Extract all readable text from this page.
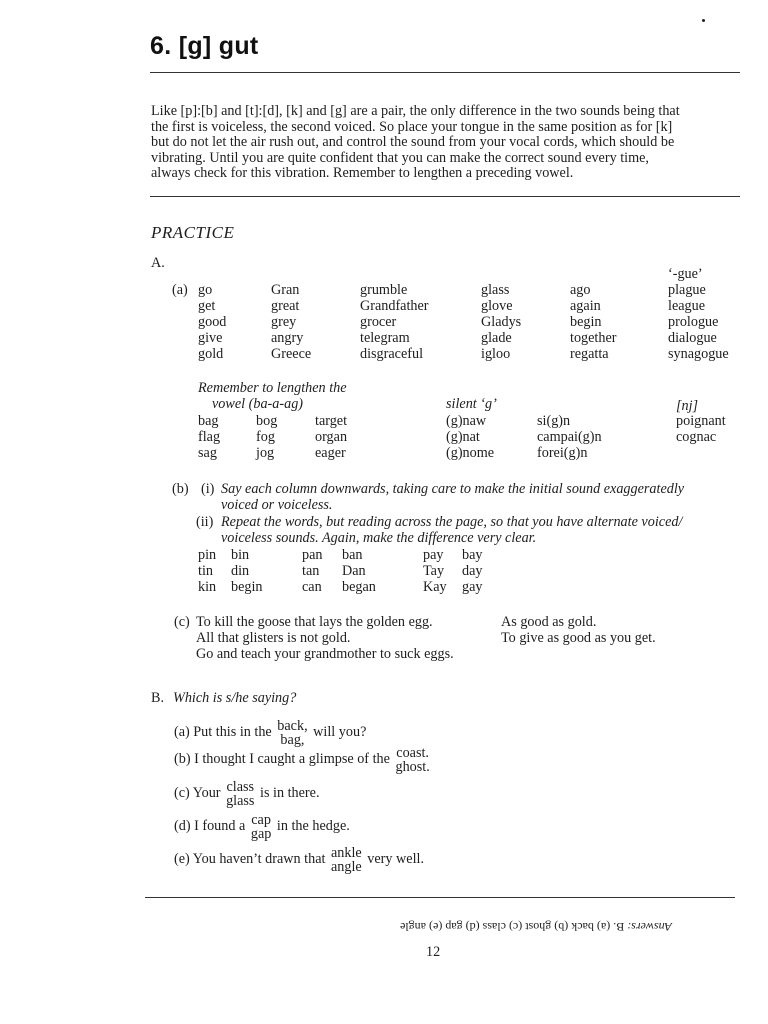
6. [g] gut

Like [p]:[b] and [t]:[d], [k] and [g] are a pair, the only difference in the two sounds being that

the first is voiceless, the second voiced. So place your tongue in the same position as for [k]

but do not let the air rush out, and control the sound from your vocal cords, which should be

vibrating. Until you are quite confident that you can make the correct sound every time,

always check for this vibration. Remember to lengthen a preceding vowel.

PRACTICE
A.
‘-gue’
(a) go
get
good
give
gold
Gran
great
grey
angry
Greece
grumble
Grandfather
grocer
telegram
disgraceful
glass
glove
Gladys
glade
igloo
ago
again
begin
together
regatta
plague
league
prologue
dialogue
synagogue
Remember to lengthen the
vowel (ba-a-ag)	silent ‘g’	[nj]
bag
flag
sag
bog
fog
jog
target
organ
eager
(g)naw
(g)nat
(g)nome
si(g)n
campai(g)n
forei(g)n
poignant
cognac
(b) (i) Say each column downwards, taking care to make the initial sound exaggeratedly
voiced or voiceless.
(ii) Repeat the words, but reading across the page, so that you have alternate voiced/
voiceless sounds. Again, make the difference very clear.
pin
tin
kin
bin
din
begin
pan
tan
can
ban
Dan
began
pay
Tay
Kay
bay
day
gay
(c) To kill the goose that lays the golden egg.
All that glisters is not gold.
Go and teach your grandmother to suck eggs.
As good as gold.
To give as good as you get.
B. Which is s/he saying?
(a) Put this in the back,
bag, will you?
(b) I thought I caught a glimpse of the coast.
ghost.
(c) Your class
glass is in there.
(d) I found a cap
gap in the hedge.
(e) You haven’t drawn that ankle
angle very well.
Answers: B. (a) back (b) ghost (c) class (d) gap (e) angle
12
